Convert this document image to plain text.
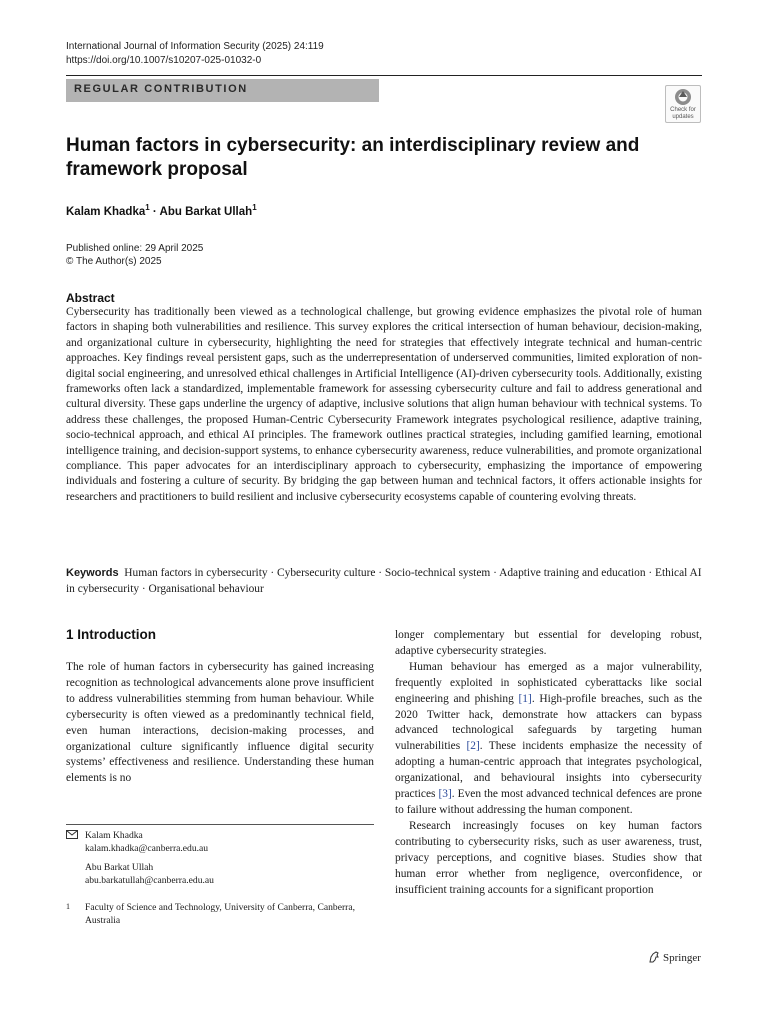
International Journal of Information Security (2025) 24:119
https://doi.org/10.1007/s10207-025-01032-0
REGULAR CONTRIBUTION
Check for
updates
Human factors in cybersecurity: an interdisciplinary review and framework proposal
Kalam Khadka$^1$ · Abu Barkat Ullah$^1$
Published online: 29 April 2025
© The Author(s) 2025
Abstract

Cybersecurity has traditionally been viewed as a technological challenge, but growing evidence emphasizes the pivotal role of human factors in shaping both vulnerabilities and resilience. This survey explores the critical intersection of human behaviour, decision-making, and organizational culture in cybersecurity, highlighting the need for strategies that effectively integrate technical and human-centric approaches. Key findings reveal persistent gaps, such as the underrepresentation of underserved communities, limited exploration of non-digital social engineering, and unresolved ethical challenges in Artificial Intelligence (AI)-driven cybersecurity tools. Additionally, existing frameworks often lack a standardized, implementable framework for assessing cybersecurity culture and fail to address generational and cultural diversity. These gaps underline the urgency of adaptive, inclusive solutions that align human behaviour with technical systems. To address these challenges, the proposed Human-Centric Cybersecurity Framework integrates psychological resilience, adaptive training, socio-technical approach, and ethical AI principles. The framework outlines practical strategies, including gamified learning, emotional intelligence training, and decision-support systems, to enhance cybersecurity awareness, reduce vulnerabilities, and promote organizational compliance. This paper advocates for an interdisciplinary approach to cybersecurity, emphasizing the importance of empowering individuals and fostering a culture of security. By bridging the gap between human and technical factors, it offers actionable insights for researchers and practitioners to build resilient and inclusive cybersecurity ecosystems capable of countering evolving threats.

Keywords Human factors in cybersecurity · Cybersecurity culture · Socio-technical system · Adaptive training and education · Ethical AI in cybersecurity · Organisational behaviour

1 Introduction

The role of human factors in cybersecurity has gained increasing recognition as technological advancements alone prove insufficient to address vulnerabilities stemming from human behaviour. While cybersecurity is often viewed as a predominantly technical field, even human interactions, decision-making processes, and organizational culture significantly influence digital security systems’ effectiveness and resilience. Understanding these human elements is no

Kalam Khadka
kalam.khadka@canberra.edu.au
Abu Barkat Ullah
abu.barkatullah@canberra.edu.au
1 Faculty of Science and Technology, University of Canberra, Canberra, Australia

longer complementary but essential for developing robust, adaptive cybersecurity strategies.

Human behaviour has emerged as a major vulnerability, frequently exploited in sophisticated cyberattacks like social engineering and phishing [1]. High-profile breaches, such as the 2020 Twitter hack, demonstrate how attackers can bypass advanced technological safeguards by targeting human vulnerabilities [2]. These incidents emphasize the necessity of adopting a human-centric approach that integrates psychological, organizational, and behavioural insights into cybersecurity practices [3]. Even the most advanced technical defences are prone to failure without addressing the human component.

Research increasingly focuses on key human factors contributing to cybersecurity risks, such as user awareness, trust, privacy perceptions, and cognitive biases. Studies show that human error whether from negligence, overconfidence, or insufficient training accounts for a significant proportion

Springer
